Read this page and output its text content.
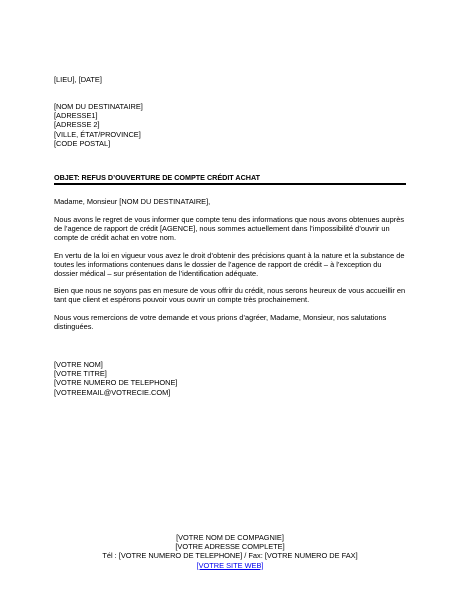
[LIEU], [DATE]
[NOM DU DESTINATAIRE]
[ADRESSE1]
[ADRESSE 2]
[VILLE, ÉTAT/PROVINCE]
[CODE POSTAL]
OBJET: REFUS D’OUVERTURE DE COMPTE CRÉDIT ACHAT
Madame, Monsieur [NOM DU DESTINATAIRE],
Nous avons le regret de vous informer que compte tenu des informations que nous avons obtenues auprès de l’agence de rapport de crédit [AGENCE], nous sommes actuellement dans l’impossibilité d’ouvrir un compte de crédit achat en votre nom.
En vertu de la loi en vigueur vous avez le droit d’obtenir des précisions quant à la nature et la substance de toutes les informations contenues dans le dossier de l’agence de rapport de crédit – à l’exception du dossier médical – sur présentation de l’identification adéquate.
Bien que nous ne soyons pas en mesure de vous offrir du crédit, nous serons heureux de vous accueillir en tant que client et espérons pouvoir vous ouvrir un compte très prochainement.
Nous vous remercions de votre demande et vous prions d’agréer, Madame, Monsieur, nos salutations distinguées.
[VOTRE NOM]
[VOTRE TITRE]
[VOTRE NUMERO DE TELEPHONE]
[VOTREEMAIL@VOTRECIE.COM]
[VOTRE NOM DE COMPAGNIE]
[VOTRE ADRESSE COMPLETE]
Tél : [VOTRE NUMERO DE TELEPHONE] / Fax: [VOTRE NUMERO DE FAX]
[VOTRE SITE WEB]
